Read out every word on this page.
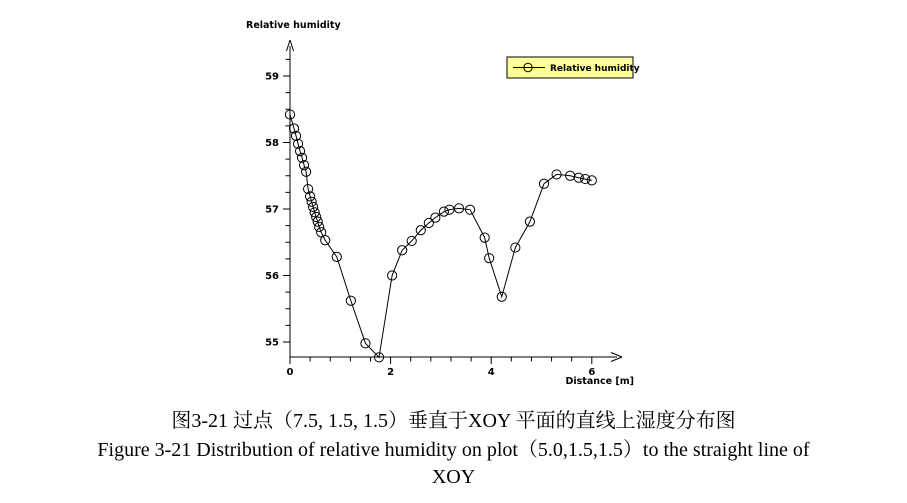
55
56
57
58
59
0	2	4	6
Relative humidity
Distance [m]
Relative humidity
图3-21 过点（7.5, 1.5, 1.5）垂直于XOY 平面的直线上湿度分布图
Figure 3-21 Distribution of relative humidity on plot（5.0,1.5,1.5）to the straight line of
XOY
